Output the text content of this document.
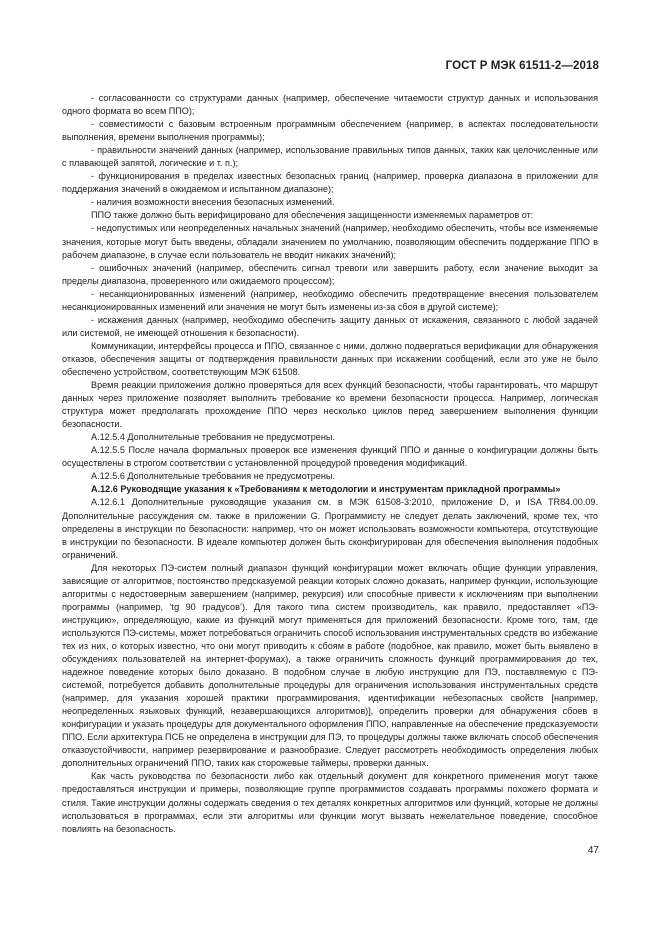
ГОСТ Р МЭК 61511-2—2018

- согласованности со структурами данных (например, обеспечение читаемости структур данных и использования одного формата во всем ППО);

- совместимости с базовым встроенным программным обеспечением (например, в аспектах последовательности выполнения, времени выполнения программы);

- правильности значений данных (например, использование правильных типов данных, таких как целочисленные или с плавающей запятой, логические и т. п.);

- функционирования в пределах известных безопасных границ (например, проверка диапазона в приложении для поддержания значений в ожидаемом и испытанном диапазоне);

- наличия возможности внесения безопасных изменений.

ППО также должно быть верифицировано для обеспечения защищенности изменяемых параметров от:

- недопустимых или неопределенных начальных значений (например, необходимо обеспечить, чтобы все изменяемые значения, которые могут быть введены, обладали значением по умолчанию, позволяющим обеспечить поддержание ППО в рабочем диапазоне, в случае если пользователь не вводит никаких значений);

- ошибочных значений (например, обеспечить сигнал тревоги или завершить работу, если значение выходит за пределы диапазона, проверенного или ожидаемого процессом);

- несанкционированных изменений (например, необходимо обеспечить предотвращение внесения пользователем несанкционированных изменений или значения не могут быть изменены из-за сбоя в другой системе);

- искажения данных (например, необходимо обеспечить защиту данных от искажения, связанного с любой задачей или системой, не имеющей отношения к безопасности).

Коммуникации, интерфейсы процесса и ППО, связанное с ними, должно подвергаться верификации для обнаружения отказов, обеспечения защиты от подтверждения правильности данных при искажении сообщений, если это уже не было обеспечено устройством, соответствующим МЭК 61508.

Время реакции приложения должно проверяться для всех функций безопасности, чтобы гарантировать, что маршрут данных через приложение позволяет выполнить требование ко времени безопасности процесса. Например, логическая структура может предполагать прохождение ППО через несколько циклов перед завершением выполнения функции безопасности.

А.12.5.4 Дополнительные требования не предусмотрены.

А.12.5.5 После начала формальных проверок все изменения функций ППО и данные о конфигурации должны быть осуществлены в строгом соответствии с установленной процедурой проведения модификаций.

А.12.5.6 Дополнительные требования не предусмотрены.

А.12.6 Руководящие указания к «Требованиям к методологии и инструментам прикладной программы»

А.12.6.1 Дополнительные руководящие указания см. в МЭК 61508-3:2010, приложение D, и ISA TR84.00.09. Дополнительные рассуждения см. также в приложении G. Программисту не следует делать заключений, кроме тех, что определены в инструкции по безопасности: например, что он может использовать возможности компьютера, отсутствующие в инструкции по безопасности. В идеале компьютер должен быть сконфигурирован для обеспечения выполнения подобных ограничений.

Для некоторых ПЭ-систем полный диапазон функций конфигурации может включать общие функции управления, зависящие от алгоритмов, постоянство предсказуемой реакции которых сложно доказать, например функции, использующие алгоритмы с недостоверным завершением (например, рекурсия) или способные привести к исключениям при выполнении программы (например, ‘tg 90 градусов’). Для такого типа систем производитель, как правило, предоставляет «ПЭ-инструкцию», определяющую, какие из функций могут применяться для приложений безопасности. Кроме того, там, где используются ПЭ-системы, может потребоваться ограничить способ использования инструментальных средств во избежание тех из них, о которых известно, что они могут приводить к сбоям в работе (подобное, как правило, может быть выявлено в обсуждениях пользователей на интернет-форумах), а также ограничить сложность функций программирования до тех, надежное поведение которых было доказано. В подобном случае в любую инструкцию для ПЭ, поставляемую с ПЭ-системой, потребуется добавить дополнительные процедуры для ограничения использования инструментальных средств (например, для указания хорошей практики программирования, идентификации небезопасных свойств [например, неопределенных языковых функций, незавершающихся алгоритмов)], определить проверки для обнаружения сбоев в конфигурации и указать процедуры для документального оформления ППО, направленные на обеспечение предсказуемости ППО. Если архитектура ПСБ не определена в инструкции для ПЭ, то процедуры должны также включать способ обеспечения отказоустойчивости, например резервирование и разнообразие. Следует рассмотреть необходимость определения любых дополнительных ограничений ППО, таких как сторожевые таймеры, проверки данных.

Как часть руководства по безопасности либо как отдельный документ для конкретного применения могут также предоставляться инструкции и примеры, позволяющие группе программистов создавать программы похожего формата и стиля. Такие инструкции должны содержать сведения о тех деталях конкретных алгоритмов или функций, которые не должны использоваться в программах, если эти алгоритмы или функции могут вызвать нежелательное поведение, способное повлиять на безопасность.

47
